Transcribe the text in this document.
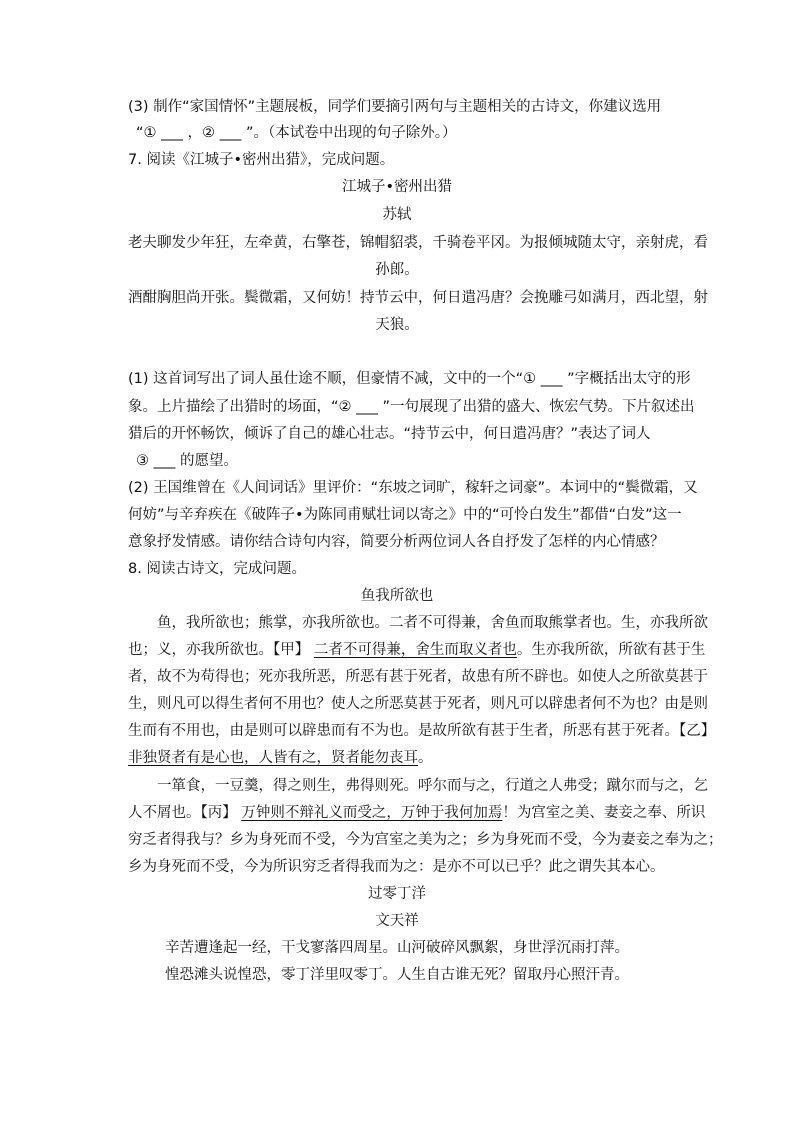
(3) 制作“家国情怀”主题展板，同学们要摘引两句与主题相关的古诗文，你建议选用
“① ___ ，② ___ ”。（本试卷中出现的句子除外。）
7. 阅读《江城子•密州出猎》，完成问题。
江城子•密州出猎
苏轼
老夫聊发少年狂，左牵黄，右擎苍，锦帽貂裘，千骑卷平冈。为报倾城随太守，亲射虎，看
孙郎。
酒酣胸胆尚开张。鬓微霜，又何妨！持节云中，何日遣冯唐？会挽雕弓如满月，西北望，射
天狼。
(1) 这首词写出了词人虽仕途不顺，但豪情不减，文中的一个“① ___ ”字概括出太守的形
象。上片描绘了出猎时的场面，“② ___ ”一句展现了出猎的盛大、恢宏气势。下片叙述出
猎后的开怀畅饮，倾诉了自己的雄心壮志。“持节云中，何日遣冯唐？”表达了词人
③ ___ 的愿望。
(2) 王国维曾在《人间词话》里评价：“东坡之词旷，稼轩之词豪”。本词中的“鬓微霜，又
何妨”与辛弃疾在《破阵子•为陈同甫赋壮词以寄之》中的“可怜白发生”都借“白发”这一
意象抒发情感。请你结合诗句内容，简要分析两位词人各自抒发了怎样的内心情感？
8. 阅读古诗文，完成问题。
鱼我所欲也
鱼，我所欲也；熊掌，亦我所欲也。二者不可得兼，舍鱼而取熊掌者也。生，亦我所欲
也；义，亦我所欲也。【甲】 二者不可得兼，舍生而取义者也。生亦我所欲，所欲有甚于生
者，故不为苟得也；死亦我所恶，所恶有甚于死者，故患有所不辟也。如使人之所欲莫甚于
生，则凡可以得生者何不用也？使人之所恶莫甚于死者，则凡可以辟患者何不为也？由是则
生而有不用也，由是则可以辟患而有不为也。是故所欲有甚于生者，所恶有甚于死者。【乙】
非独贤者有是心也，人皆有之，贤者能勿丧耳。
一箪食，一豆羹，得之则生，弗得则死。呼尔而与之，行道之人弗受；蹴尔而与之，乞
人不屑也。【丙】 万钟则不辩礼义而受之，万钟于我何加焉！为宫室之美、妻妾之奉、所识
穷乏者得我与？乡为身死而不受，今为宫室之美为之；乡为身死而不受，今为妻妾之奉为之；
乡为身死而不受，今为所识穷乏者得我而为之：是亦不可以已乎？此之谓失其本心。
过零丁洋
文天祥
辛苦遭逢起一经，干戈寥落四周星。山河破碎风飘絮，身世浮沉雨打萍。
惶恐滩头说惶恐，零丁洋里叹零丁。人生自古谁无死？留取丹心照汗青。
